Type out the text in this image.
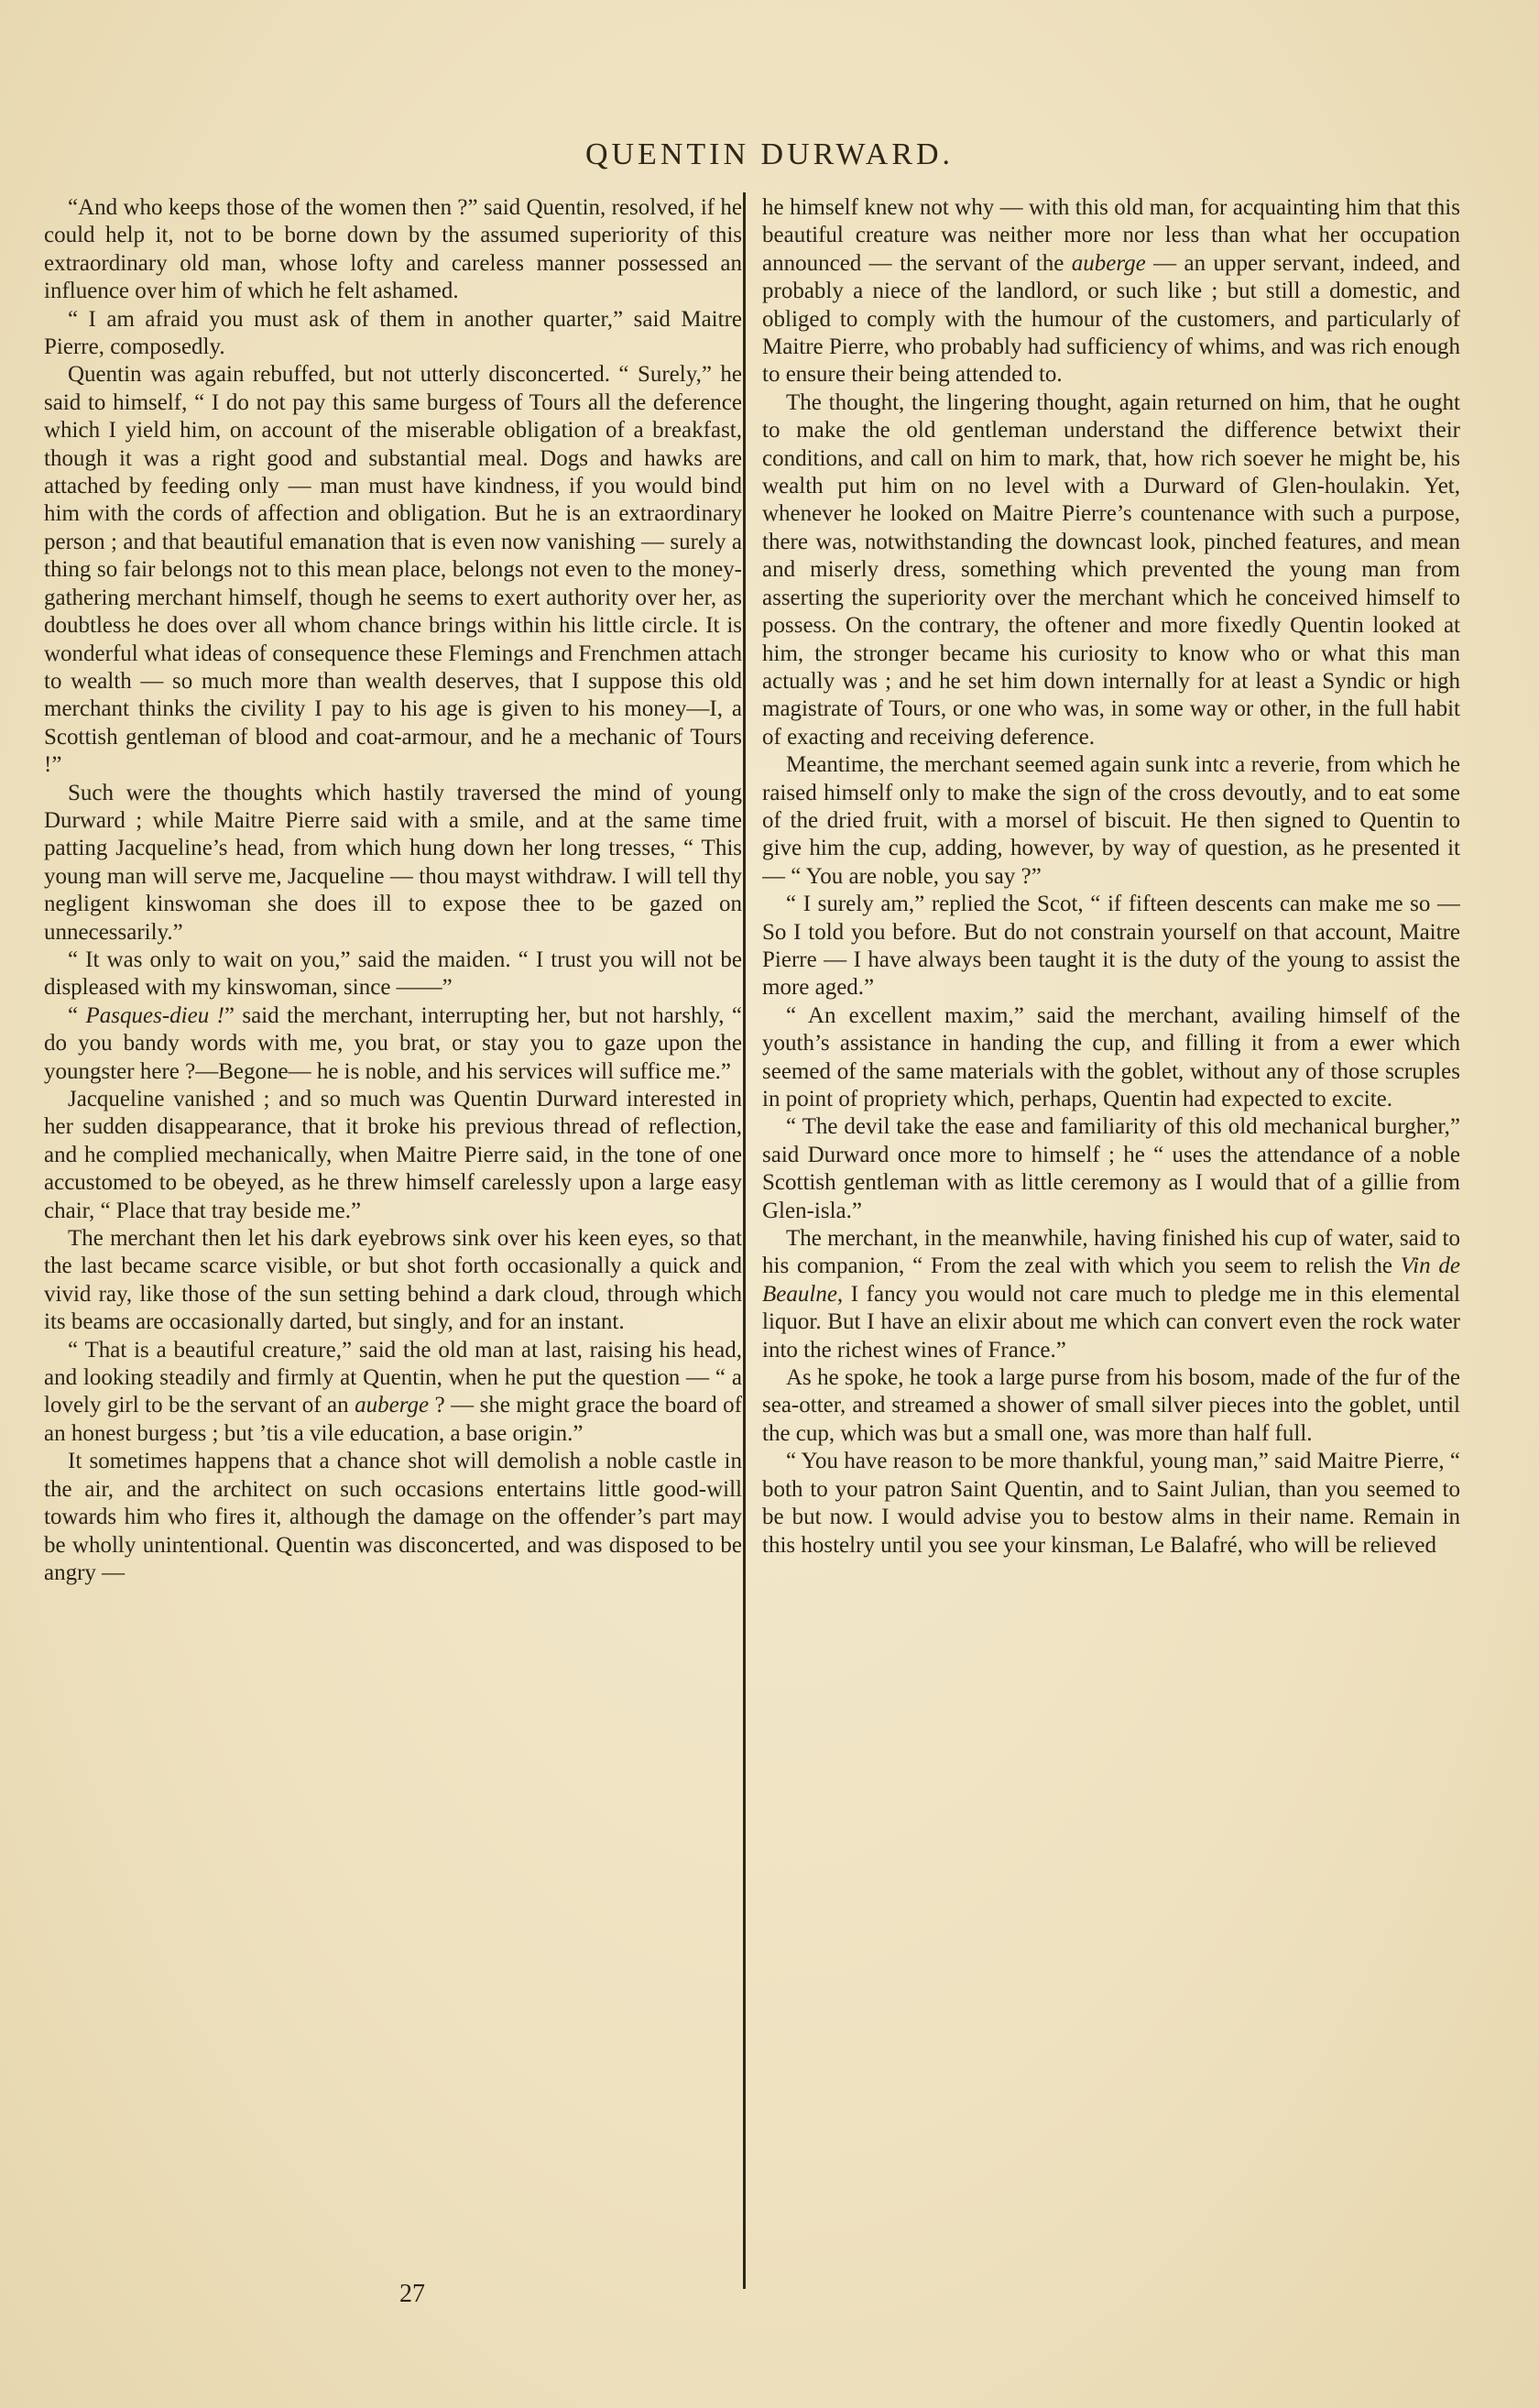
QUENTIN DURWARD.

“And who keeps those of the women then ?” said Quentin, resolved, if he could help it, not to be borne down by the assumed superiority of this extraordinary old man, whose lofty and careless manner possessed an influence over him of which he felt ashamed.

“ I am afraid you must ask of them in another quarter,” said Maitre Pierre, composedly.

Quentin was again rebuffed, but not utterly disconcerted. “ Surely,” he said to himself, “ I do not pay this same burgess of Tours all the deference which I yield him, on account of the miserable obligation of a breakfast, though it was a right good and substantial meal. Dogs and hawks are attached by feeding only — man must have kindness, if you would bind him with the cords of affection and obligation. But he is an extraordinary person ; and that beautiful emanation that is even now vanishing — surely a thing so fair belongs not to this mean place, belongs not even to the money-gathering merchant himself, though he seems to exert authority over her, as doubtless he does over all whom chance brings within his little circle. It is wonderful what ideas of consequence these Flemings and Frenchmen attach to wealth — so much more than wealth deserves, that I suppose this old merchant thinks the civility I pay to his age is given to his money—I, a Scottish gentleman of blood and coat-armour, and he a mechanic of Tours !”

Such were the thoughts which hastily traversed the mind of young Durward ; while Maitre Pierre said with a smile, and at the same time patting Jacqueline’s head, from which hung down her long tresses, “ This young man will serve me, Jacqueline — thou mayst withdraw. I will tell thy negligent kinswoman she does ill to expose thee to be gazed on unnecessarily.”

“ It was only to wait on you,” said the maiden. “ I trust you will not be displeased with my kinswoman, since ——”

“ Pasques-dieu !” said the merchant, interrupting her, but not harshly, “ do you bandy words with me, you brat, or stay you to gaze upon the youngster here ?—Begone— he is noble, and his services will suffice me.”

Jacqueline vanished ; and so much was Quentin Durward interested in her sudden disappearance, that it broke his previous thread of reflection, and he complied mechanically, when Maitre Pierre said, in the tone of one accustomed to be obeyed, as he threw himself carelessly upon a large easy chair, “ Place that tray beside me.”

The merchant then let his dark eyebrows sink over his keen eyes, so that the last became scarce visible, or but shot forth occasionally a quick and vivid ray, like those of the sun setting behind a dark cloud, through which its beams are occasionally darted, but singly, and for an instant.

“ That is a beautiful creature,” said the old man at last, raising his head, and looking steadily and firmly at Quentin, when he put the question — “ a lovely girl to be the servant of an auberge ? — she might grace the board of an honest burgess ; but ’tis a vile education, a base origin.”

It sometimes happens that a chance shot will demolish a noble castle in the air, and the architect on such occasions entertains little good-will towards him who fires it, although the damage on the offender’s part may be wholly unintentional. Quentin was disconcerted, and was disposed to be angry —

he himself knew not why — with this old man, for acquainting him that this beautiful creature was neither more nor less than what her occupation announced — the servant of the auberge — an upper servant, indeed, and probably a niece of the landlord, or such like ; but still a domestic, and obliged to comply with the humour of the customers, and particularly of Maitre Pierre, who probably had sufficiency of whims, and was rich enough to ensure their being attended to.

The thought, the lingering thought, again returned on him, that he ought to make the old gentleman understand the difference betwixt their conditions, and call on him to mark, that, how rich soever he might be, his wealth put him on no level with a Durward of Glen-houlakin. Yet, whenever he looked on Maitre Pierre’s countenance with such a purpose, there was, notwithstanding the downcast look, pinched features, and mean and miserly dress, something which prevented the young man from asserting the superiority over the merchant which he conceived himself to possess. On the contrary, the oftener and more fixedly Quentin looked at him, the stronger became his curiosity to know who or what this man actually was ; and he set him down internally for at least a Syndic or high magistrate of Tours, or one who was, in some way or other, in the full habit of exacting and receiving deference.

Meantime, the merchant seemed again sunk intc a reverie, from which he raised himself only to make the sign of the cross devoutly, and to eat some of the dried fruit, with a morsel of biscuit. He then signed to Quentin to give him the cup, adding, however, by way of question, as he presented it — “ You are noble, you say ?”

“ I surely am,” replied the Scot, “ if fifteen descents can make me so — So I told you before. But do not constrain yourself on that account, Maitre Pierre — I have always been taught it is the duty of the young to assist the more aged.”

“ An excellent maxim,” said the merchant, availing himself of the youth’s assistance in handing the cup, and filling it from a ewer which seemed of the same materials with the goblet, without any of those scruples in point of propriety which, perhaps, Quentin had expected to excite.

“ The devil take the ease and familiarity of this old mechanical burgher,” said Durward once more to himself ; he “ uses the attendance of a noble Scottish gentleman with as little ceremony as I would that of a gillie from Glen-isla.”

The merchant, in the meanwhile, having finished his cup of water, said to his companion, “ From the zeal with which you seem to relish the Vin de Beaulne, I fancy you would not care much to pledge me in this elemental liquor. But I have an elixir about me which can convert even the rock water into the richest wines of France.”

As he spoke, he took a large purse from his bosom, made of the fur of the sea-otter, and streamed a shower of small silver pieces into the goblet, until the cup, which was but a small one, was more than half full.

“ You have reason to be more thankful, young man,” said Maitre Pierre, “ both to your patron Saint Quentin, and to Saint Julian, than you seemed to be but now. I would advise you to bestow alms in their name. Remain in this hostelry until you see your kinsman, Le Balafré, who will be relieved

27
